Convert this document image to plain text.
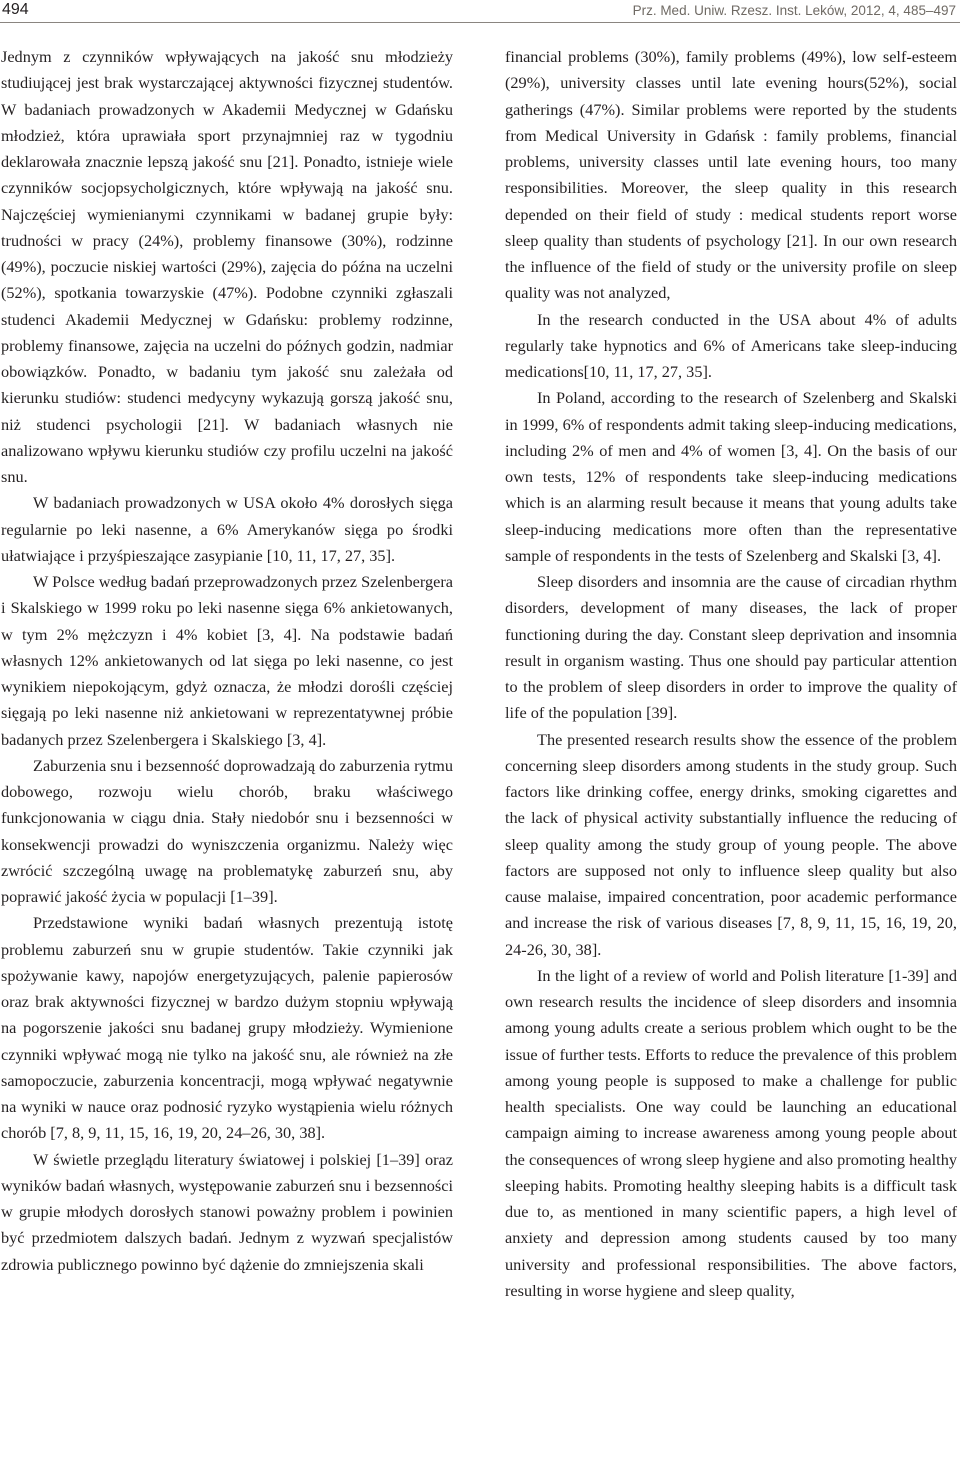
494	Prz. Med. Uniw. Rzesz. Inst. Leków, 2012, 4, 485–497

Jednym z czynników wpływających na jakość snu młodzieży studiującej jest brak wystarczającej aktywności fizycznej studentów. W badaniach prowadzonych w Akademii Medycznej w Gdańsku młodzież, która uprawiała sport przynajmniej raz w tygodniu deklarowała znacznie lepszą jakość snu [21]. Ponadto, istnieje wiele czynników socjopsycholgicznych, które wpływają na jakość snu. Najczęściej wymienianymi czynnikami w badanej grupie były: trudności w pracy (24%), problemy finansowe (30%), rodzinne (49%), poczucie niskiej wartości (29%), zajęcia do późna na uczelni (52%), spotkania towarzyskie (47%). Podobne czynniki zgłaszali studenci Akademii Medycznej w Gdańsku: problemy rodzinne, problemy finansowe, zajęcia na uczelni do późnych godzin, nadmiar obowiązków. Ponadto, w badaniu tym jakość snu zależała od kierunku studiów: studenci medycyny wykazują gorszą jakość snu, niż studenci psychologii [21]. W badaniach własnych nie analizowano wpływu kierunku studiów czy profilu uczelni na jakość snu.

W badaniach prowadzonych w USA około 4% dorosłych sięga regularnie po leki nasenne, a 6% Amerykanów sięga po środki ułatwiające i przyśpieszające zasypianie [10, 11, 17, 27, 35].

W Polsce według badań przeprowadzonych przez Szelenbergera i Skalskiego w 1999 roku po leki nasenne sięga 6% ankietowanych, w tym 2% mężczyzn i 4% kobiet [3, 4]. Na podstawie badań własnych 12% ankietowanych od lat sięga po leki nasenne, co jest wynikiem niepokojącym, gdyż oznacza, że młodzi dorośli częściej sięgają po leki nasenne niż ankietowani w reprezentatywnej próbie badanych przez Szelenbergera i Skalskiego [3, 4].

Zaburzenia snu i bezsenność doprowadzają do zaburzenia rytmu dobowego, rozwoju wielu chorób, braku właściwego funkcjonowania w ciągu dnia. Stały niedobór snu i bezsenności w konsekwencji prowadzi do wyniszczenia organizmu. Należy więc zwrócić szczególną uwagę na problematykę zaburzeń snu, aby poprawić jakość życia w populacji [1–39].

Przedstawione wyniki badań własnych prezentują istotę problemu zaburzeń snu w grupie studentów. Takie czynniki jak spożywanie kawy, napojów energetyzujących, palenie papierosów oraz brak aktywności fizycznej w bardzo dużym stopniu wpływają na pogorszenie jakości snu badanej grupy młodzieży. Wymienione czynniki wpływać mogą nie tylko na jakość snu, ale również na złe samopoczucie, zaburzenia koncentracji, mogą wpływać negatywnie na wyniki w nauce oraz podnosić ryzyko wystąpienia wielu różnych chorób [7, 8, 9, 11, 15, 16, 19, 20, 24–26, 30, 38].

W świetle przeglądu literatury światowej i polskiej [1–39] oraz wyników badań własnych, występowanie zaburzeń snu i bezsenności w grupie młodych dorosłych stanowi poważny problem i powinien być przedmiotem dalszych badań. Jednym z wyzwań specjalistów zdrowia publicznego powinno być dążenie do zmniejszenia skali

financial problems (30%), family problems (49%), low self-esteem (29%), university classes until late evening hours(52%), social gatherings (47%). Similar problems were reported by the students from Medical University in Gdańsk : family problems, financial problems, university classes until late evening hours, too many responsibilities. Moreover, the sleep quality in this research depended on their field of study : medical students report worse sleep quality than students of psychology [21]. In our own research the influence of the field of study or the university profile on sleep quality was not analyzed,

In the research conducted in the USA about 4% of adults regularly take hypnotics and 6% of Americans take sleep-inducing medications[10, 11, 17, 27, 35].

In Poland, according to the research of Szelenberg and Skalski in 1999, 6% of respondents admit taking sleep-inducing medications, including 2% of men and 4% of women [3, 4]. On the basis of our own tests, 12% of respondents take sleep-inducing medications which is an alarming result because it means that young adults take sleep-inducing medications more often than the representative sample of respondents in the tests of Szelenberg and Skalski [3, 4].

Sleep disorders and insomnia are the cause of circadian rhythm disorders, development of many diseases, the lack of proper functioning during the day. Constant sleep deprivation and insomnia result in organism wasting. Thus one should pay particular attention to the problem of sleep disorders in order to improve the quality of life of the population [39].

The presented research results show the essence of the problem concerning sleep disorders among students in the study group. Such factors like drinking coffee, energy drinks, smoking cigarettes and the lack of physical activity substantially influence the reducing of sleep quality among the study group of young people. The above factors are supposed not only to influence sleep quality but also cause malaise, impaired concentration, poor academic performance and increase the risk of various diseases [7, 8, 9, 11, 15, 16, 19, 20, 24-26, 30, 38].

In the light of a review of world and Polish literature [1-39] and own research results the incidence of sleep disorders and insomnia among young adults create a serious problem which ought to be the issue of further tests. Efforts to reduce the prevalence of this problem among young people is supposed to make a challenge for public health specialists. One way could be launching an educational campaign aiming to increase awareness among young people about the consequences of wrong sleep hygiene and also promoting healthy sleeping habits. Promoting healthy sleeping habits is a difficult task due to, as mentioned in many scientific papers, a high level of anxiety and depression among students caused by too many university and professional responsibilities. The above factors, resulting in worse hygiene and sleep quality,
